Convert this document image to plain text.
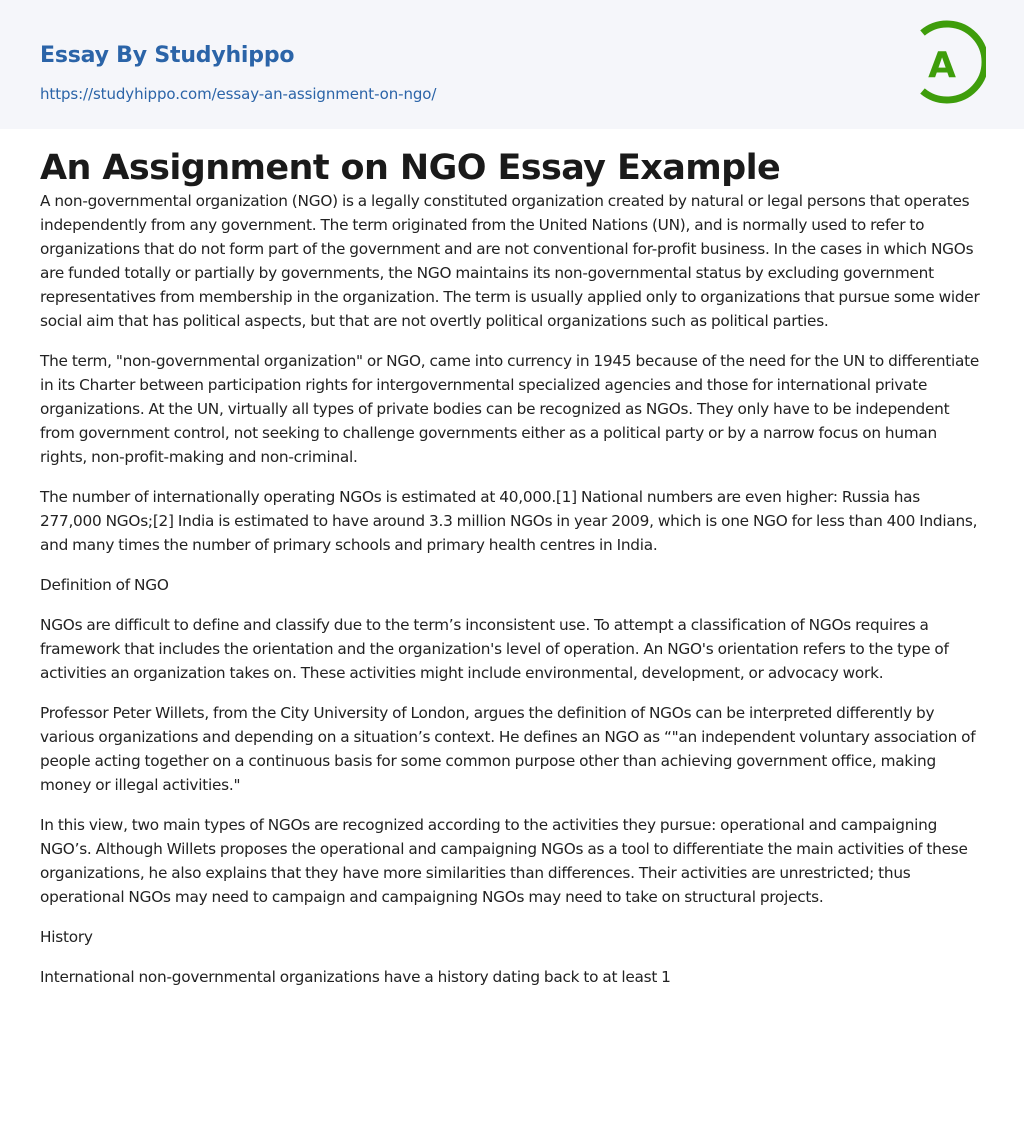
Essay By Studyhippo
https://studyhippo.com/essay-an-assignment-on-ngo/
A
An Assignment on NGO Essay Example

A non-governmental organization (NGO) is a legally constituted organization created by natural or legal persons that operates independently from any government. The term originated from the United Nations (UN), and is normally used to refer to organizations that do not form part of the government and are not conventional for-profit business. In the cases in which NGOs are funded totally or partially by governments, the NGO maintains its non-governmental status by excluding government representatives from membership in the organization. The term is usually applied only to organizations that pursue some wider social aim that has political aspects, but that are not overtly political organizations such as political parties.

The term, "non-governmental organization" or NGO, came into currency in 1945 because of the need for the UN to differentiate in its Charter between participation rights for intergovernmental specialized agencies and those for international private organizations. At the UN, virtually all types of private bodies can be recognized as NGOs. They only have to be independent from government control, not seeking to challenge governments either as a political party or by a narrow focus on human rights, non-profit-making and non-criminal.

The number of internationally operating NGOs is estimated at 40,000.[1] National numbers are even higher: Russia has 277,000 NGOs;[2] India is estimated to have around 3.3 million NGOs in year 2009, which is one NGO for less than 400 Indians, and many times the number of primary schools and primary health centres in India.

Definition of NGO

NGOs are difficult to define and classify due to the term’s inconsistent use. To attempt a classification of NGOs requires a framework that includes the orientation and the organization's level of operation. An NGO's orientation refers to the type of activities an organization takes on. These activities might include environmental, development, or advocacy work.

Professor Peter Willets, from the City University of London, argues the definition of NGOs can be interpreted differently by various organizations and depending on a situation’s context. He defines an NGO as “"an independent voluntary association of people acting together on a continuous basis for some common purpose other than achieving government office, making money or illegal activities."

In this view, two main types of NGOs are recognized according to the activities they pursue: operational and campaigning NGO’s. Although Willets proposes the operational and campaigning NGOs as a tool to differentiate the main activities of these organizations, he also explains that they have more similarities than differences. Their activities are unrestricted; thus operational NGOs may need to campaign and campaigning NGOs may need to take on structural projects.

History

International non-governmental organizations have a history dating back to at least 1
